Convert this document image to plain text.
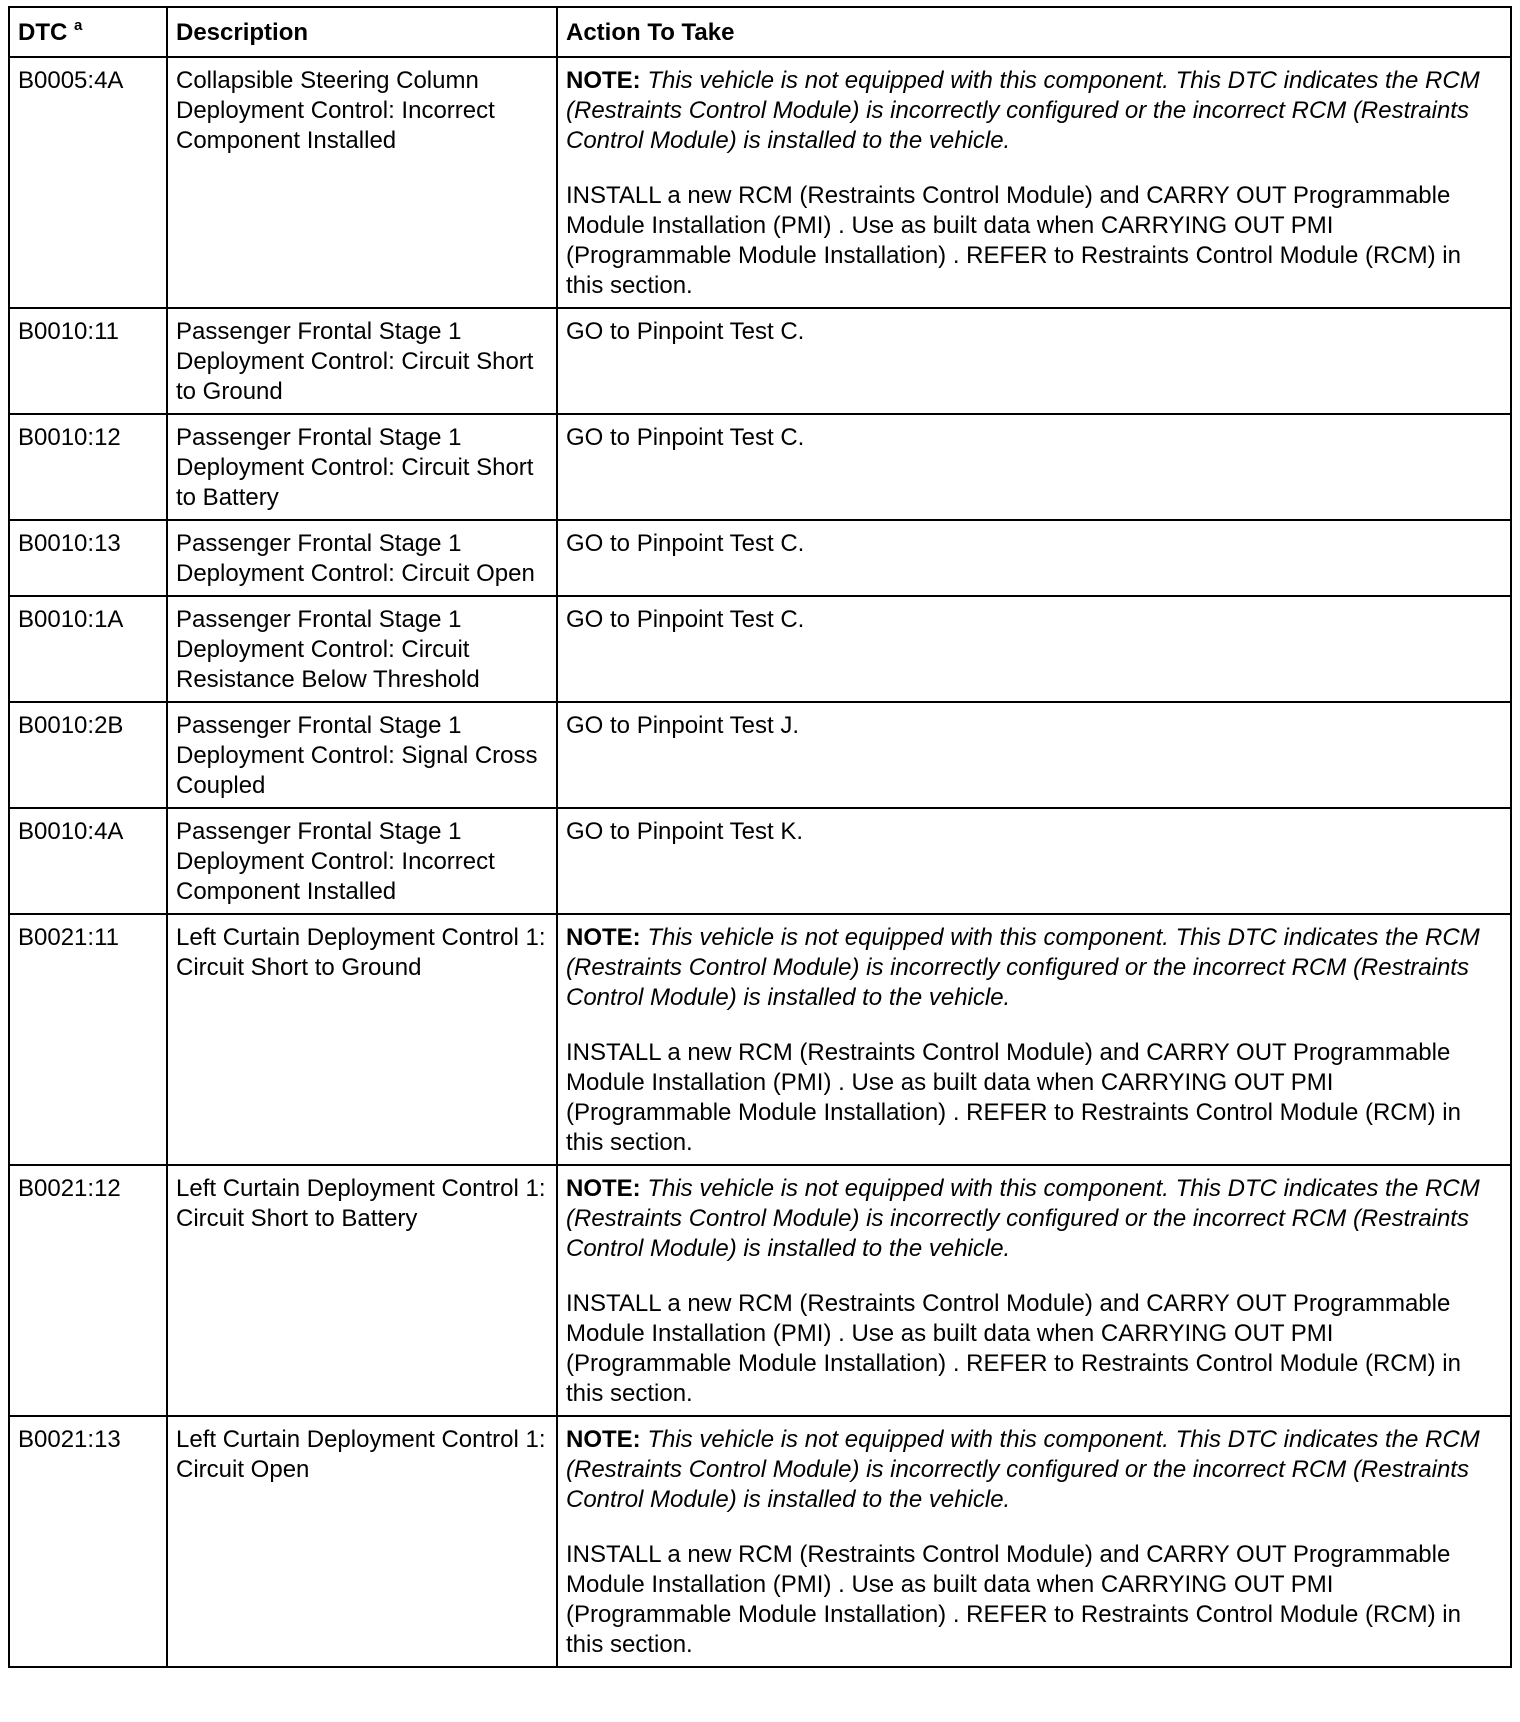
DTC $^a$	Description	Action To Take
B0005:4A	Collapsible Steering Column Deployment Control: Incorrect Component Installed	NOTE: This vehicle is not equipped with this component. This DTC indicates the RCM (Restraints Control Module) is incorrectly configured or the incorrect RCM (Restraints Control Module) is installed to the vehicle.

INSTALL a new RCM (Restraints Control Module) and CARRY OUT Programmable Module Installation (PMI) . Use as built data when CARRYING OUT PMI (Programmable Module Installation) . REFER to Restraints Control Module (RCM) in this section.

B0010:11	Passenger Frontal Stage 1 Deployment Control: Circuit Short to Ground	GO to Pinpoint Test C.

B0010:12	Passenger Frontal Stage 1 Deployment Control: Circuit Short to Battery	GO to Pinpoint Test C.

B0010:13	Passenger Frontal Stage 1 Deployment Control: Circuit Open	GO to Pinpoint Test C.

B0010:1A	Passenger Frontal Stage 1 Deployment Control: Circuit Resistance Below Threshold	GO to Pinpoint Test C.

B0010:2B	Passenger Frontal Stage 1 Deployment Control: Signal Cross Coupled	GO to Pinpoint Test J.

B0010:4A	Passenger Frontal Stage 1 Deployment Control: Incorrect Component Installed	GO to Pinpoint Test K.

B0021:11	Left Curtain Deployment Control 1: Circuit Short to Ground	NOTE: This vehicle is not equipped with this component. This DTC indicates the RCM (Restraints Control Module) is incorrectly configured or the incorrect RCM (Restraints Control Module) is installed to the vehicle.

INSTALL a new RCM (Restraints Control Module) and CARRY OUT Programmable Module Installation (PMI) . Use as built data when CARRYING OUT PMI (Programmable Module Installation) . REFER to Restraints Control Module (RCM) in this section.

B0021:12	Left Curtain Deployment Control 1: Circuit Short to Battery	NOTE: This vehicle is not equipped with this component. This DTC indicates the RCM (Restraints Control Module) is incorrectly configured or the incorrect RCM (Restraints Control Module) is installed to the vehicle.

INSTALL a new RCM (Restraints Control Module) and CARRY OUT Programmable Module Installation (PMI) . Use as built data when CARRYING OUT PMI (Programmable Module Installation) . REFER to Restraints Control Module (RCM) in this section.

B0021:13	Left Curtain Deployment Control 1: Circuit Open	NOTE: This vehicle is not equipped with this component. This DTC indicates the RCM (Restraints Control Module) is incorrectly configured or the incorrect RCM (Restraints Control Module) is installed to the vehicle.

INSTALL a new RCM (Restraints Control Module) and CARRY OUT Programmable Module Installation (PMI) . Use as built data when CARRYING OUT PMI (Programmable Module Installation) . REFER to Restraints Control Module (RCM) in this section.
